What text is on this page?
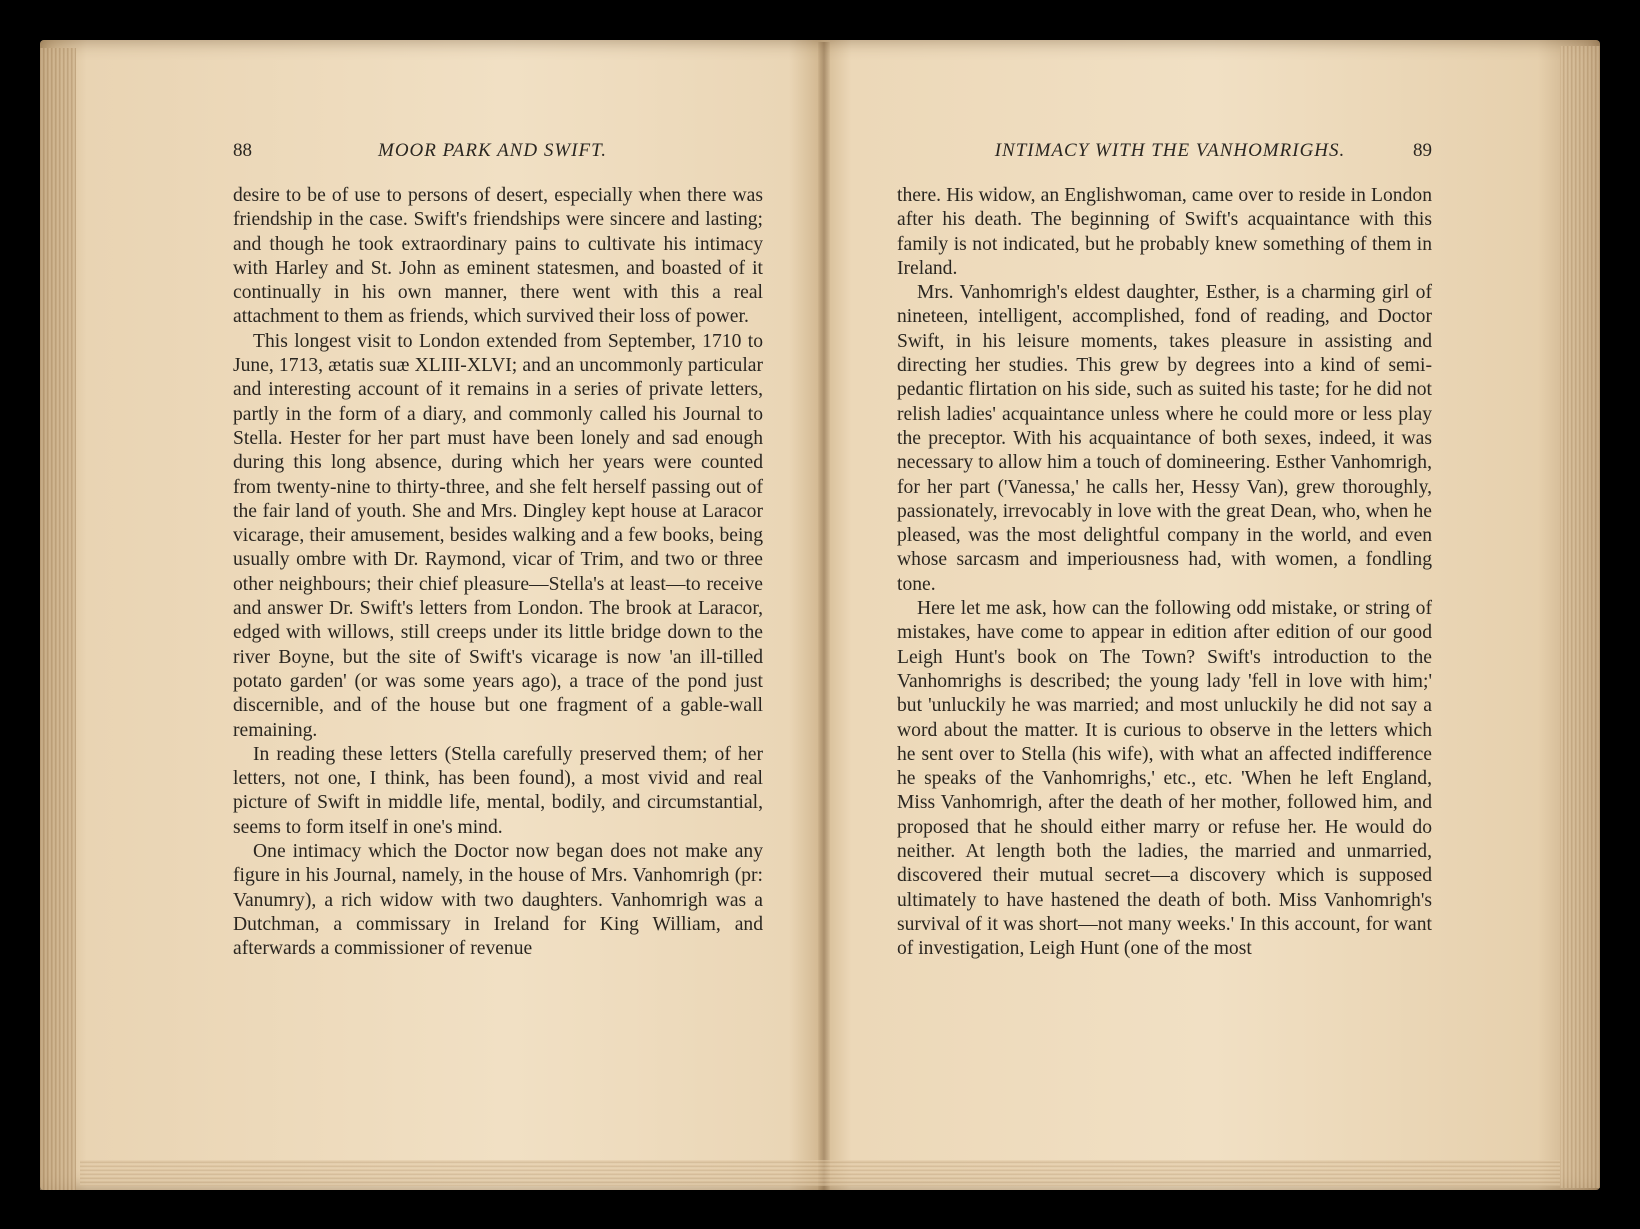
88	MOOR PARK AND SWIFT.

desire to be of use to persons of desert, especially when there was friendship in the case. Swift's friendships were sincere and lasting; and though he took extraordinary pains to cultivate his intimacy with Harley and St. John as eminent statesmen, and boasted of it continually in his own manner, there went with this a real attachment to them as friends, which survived their loss of power.

This longest visit to London extended from September, 1710 to June, 1713, ætatis suæ XLIII-XLVI; and an uncommonly particular and interesting account of it remains in a series of private letters, partly in the form of a diary, and commonly called his Journal to Stella. Hester for her part must have been lonely and sad enough during this long absence, during which her years were counted from twenty-nine to thirty-three, and she felt herself passing out of the fair land of youth. She and Mrs. Dingley kept house at Laracor vicarage, their amusement, besides walking and a few books, being usually ombre with Dr. Raymond, vicar of Trim, and two or three other neighbours; their chief pleasure—Stella's at least—to receive and answer Dr. Swift's letters from London. The brook at Laracor, edged with willows, still creeps under its little bridge down to the river Boyne, but the site of Swift's vicarage is now 'an ill-tilled potato garden' (or was some years ago), a trace of the pond just discernible, and of the house but one fragment of a gable-wall remaining.

In reading these letters (Stella carefully preserved them; of her letters, not one, I think, has been found), a most vivid and real picture of Swift in middle life, mental, bodily, and circumstantial, seems to form itself in one's mind.

One intimacy which the Doctor now began does not make any figure in his Journal, namely, in the house of Mrs. Vanhomrigh (pr: Vanumry), a rich widow with two daughters. Vanhomrigh was a Dutchman, a commissary in Ireland for King William, and afterwards a commissioner of revenue

INTIMACY WITH THE VANHOMRIGHS.	89

there. His widow, an Englishwoman, came over to reside in London after his death. The beginning of Swift's acquaintance with this family is not indicated, but he probably knew something of them in Ireland.

Mrs. Vanhomrigh's eldest daughter, Esther, is a charming girl of nineteen, intelligent, accomplished, fond of reading, and Doctor Swift, in his leisure moments, takes pleasure in assisting and directing her studies. This grew by degrees into a kind of semi-pedantic flirtation on his side, such as suited his taste; for he did not relish ladies' acquaintance unless where he could more or less play the preceptor. With his acquaintance of both sexes, indeed, it was necessary to allow him a touch of domineering. Esther Vanhomrigh, for her part ('Vanessa,' he calls her, Hessy Van), grew thoroughly, passionately, irrevocably in love with the great Dean, who, when he pleased, was the most delightful company in the world, and even whose sarcasm and imperiousness had, with women, a fondling tone.

Here let me ask, how can the following odd mistake, or string of mistakes, have come to appear in edition after edition of our good Leigh Hunt's book on The Town? Swift's introduction to the Vanhomrighs is described; the young lady 'fell in love with him;' but 'unluckily he was married; and most unluckily he did not say a word about the matter. It is curious to observe in the letters which he sent over to Stella (his wife), with what an affected indifference he speaks of the Vanhomrighs,' etc., etc. 'When he left England, Miss Vanhomrigh, after the death of her mother, followed him, and proposed that he should either marry or refuse her. He would do neither. At length both the ladies, the married and unmarried, discovered their mutual secret—a discovery which is supposed ultimately to have hastened the death of both. Miss Vanhomrigh's survival of it was short—not many weeks.' In this account, for want of investigation, Leigh Hunt (one of the most
